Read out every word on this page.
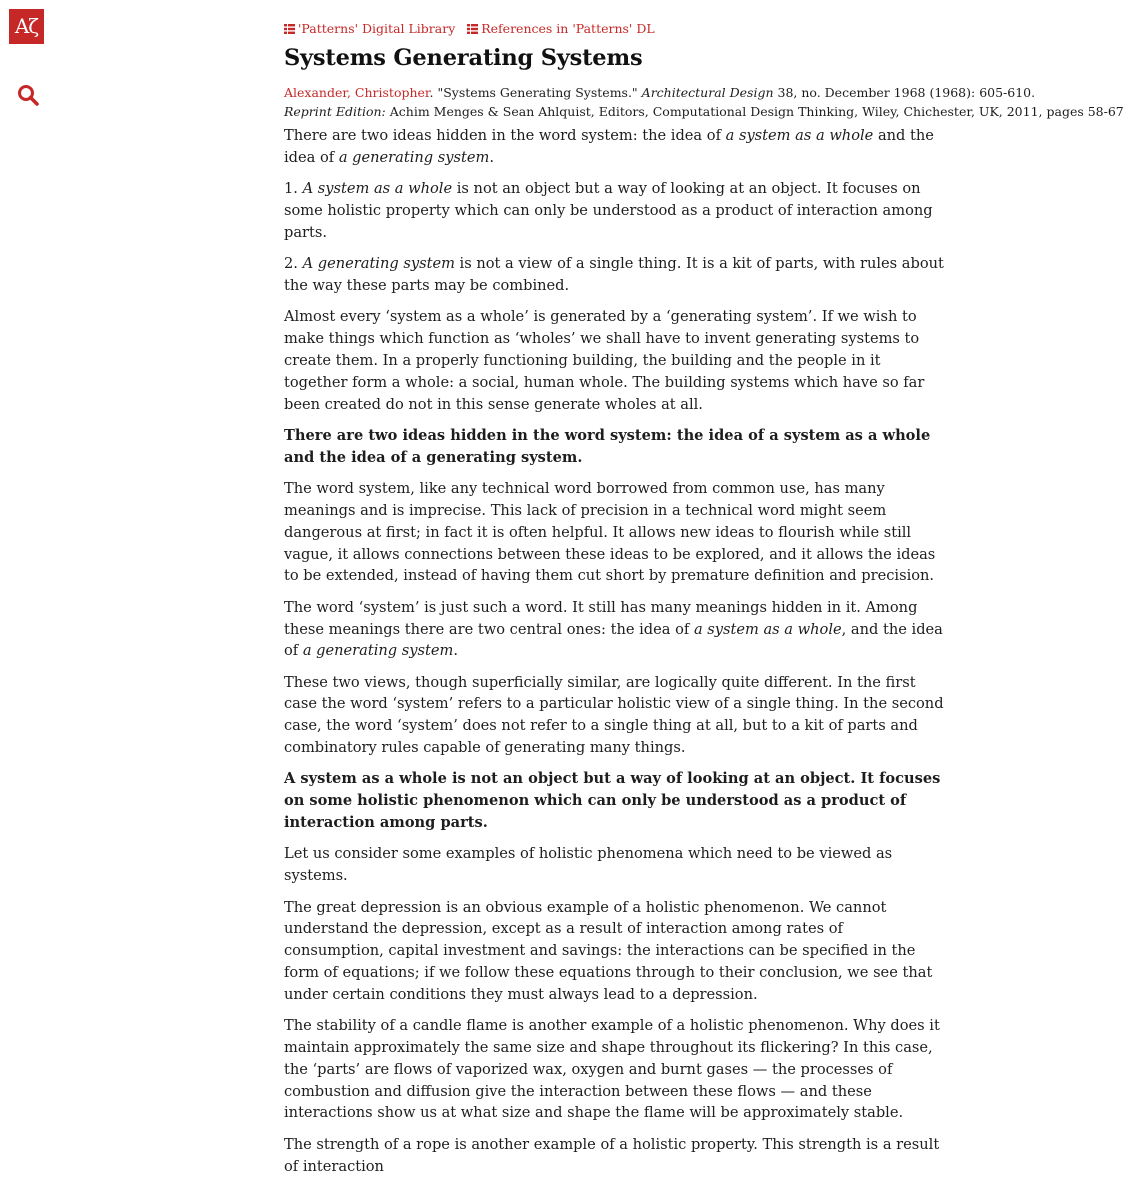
Aζ	'Patterns' Digital Library References in 'Patterns' DL
Systems Generating Systems
Alexander, Christopher. "Systems Generating Systems." Architectural Design 38, no. December 1968 (1968): 605-610.
Reprint Edition: Achim Menges & Sean Ahlquist, Editors, Computational Design Thinking, Wiley, Chichester, UK, 2011, pages 58-67

There are two ideas hidden in the word system: the idea of a system as a whole and the idea of a generating system.

1. A system as a whole is not an object but a way of looking at an object. It focuses on some holistic property which can only be understood as a product of interaction among parts.

2. A generating system is not a view of a single thing. It is a kit of parts, with rules about the way these parts may be combined.

Almost every ‘system as a whole’ is generated by a ‘generating system’. If we wish to make things which function as ‘wholes’ we shall have to invent generating systems to create them. In a properly functioning building, the building and the people in it together form a whole: a social, human whole. The building systems which have so far been created do not in this sense generate wholes at all.

There are two ideas hidden in the word system: the idea of a system as a whole and the idea of a generating system.

The word system, like any technical word borrowed from common use, has many meanings and is imprecise. This lack of precision in a technical word might seem dangerous at first; in fact it is often helpful. It allows new ideas to flourish while still vague, it allows connections between these ideas to be explored, and it allows the ideas to be extended, instead of having them cut short by premature definition and precision.

The word ‘system’ is just such a word. It still has many meanings hidden in it. Among these meanings there are two central ones: the idea of a system as a whole, and the idea of a generating system.

These two views, though superficially similar, are logically quite different. In the first case the word ‘system’ refers to a particular holistic view of a single thing. In the second case, the word ‘system’ does not refer to a single thing at all, but to a kit of parts and combinatory rules capable of generating many things.

A system as a whole is not an object but a way of looking at an object. It focuses on some holistic phenomenon which can only be understood as a product of interaction among parts.

Let us consider some examples of holistic phenomena which need to be viewed as systems.

The great depression is an obvious example of a holistic phenomenon. We cannot understand the depression, except as a result of interaction among rates of consumption, capital investment and savings: the interactions can be specified in the form of equations; if we follow these equations through to their conclusion, we see that under certain conditions they must always lead to a depression.

The stability of a candle flame is another example of a holistic phenomenon. Why does it maintain approximately the same size and shape throughout its flickering? In this case, the ‘parts’ are flows of vaporized wax, oxygen and burnt gases — the processes of combustion and diffusion give the interaction between these flows — and these interactions show us at what size and shape the flame will be approximately stable.

The strength of a rope is another example of a holistic property. This strength is a result of interaction
